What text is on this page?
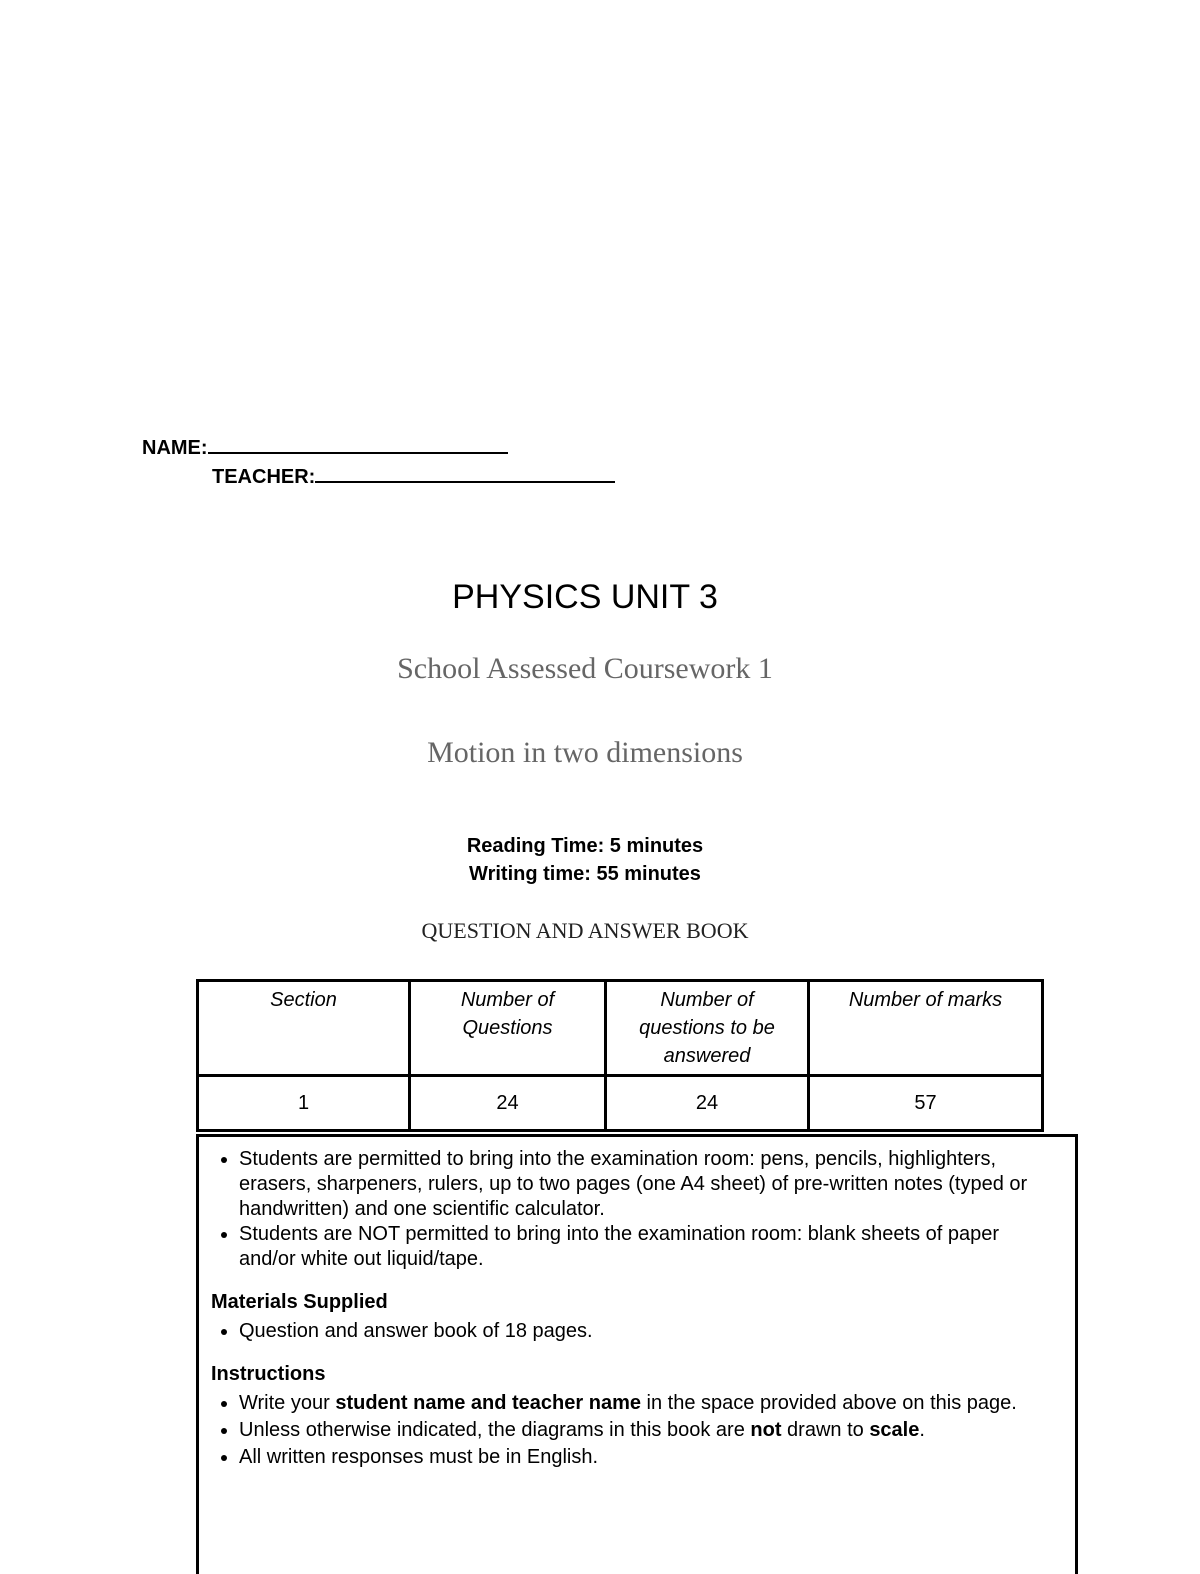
NAME:
TEACHER:
PHYSICS UNIT 3
School Assessed Coursework 1
Motion in two dimensions
Reading Time: 5 minutes
Writing time: 55 minutes
QUESTION AND ANSWER BOOK
Section	Number of Questions	Number of questions to be answered	Number of marks
1	24	24	57
• Students are permitted to bring into the examination room: pens, pencils, highlighters, erasers, sharpeners, rulers, up to two pages (one A4 sheet) of pre-written notes (typed or handwritten) and one scientific calculator.
• Students are NOT permitted to bring into the examination room: blank sheets of paper and/or white out liquid/tape.
Materials Supplied
• Question and answer book of 18 pages.
Instructions
• Write your student name and teacher name in the space provided above on this page.
• Unless otherwise indicated, the diagrams in this book are not drawn to scale.
• All written responses must be in English.
